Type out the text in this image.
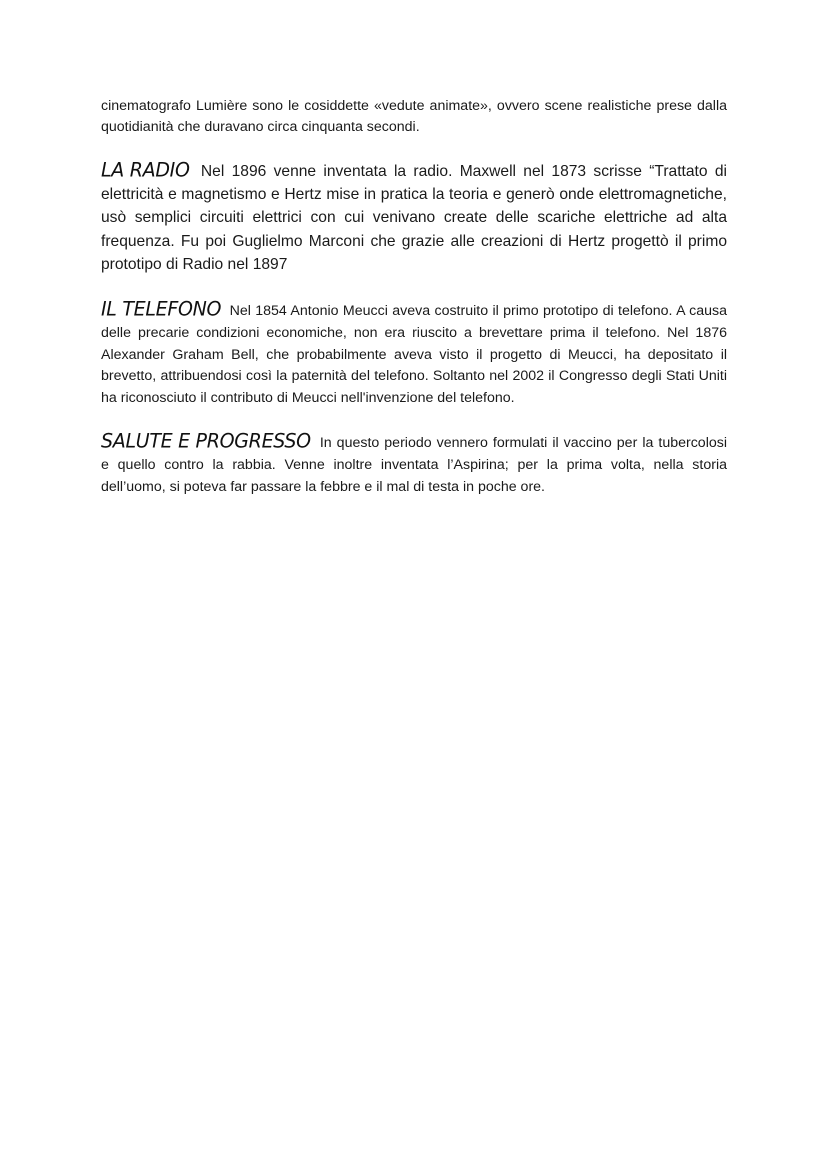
cinematografo Lumière sono le cosiddette «vedute animate», ovvero scene realistiche prese dalla quotidianità che duravano circa cinquanta secondi.

LA RADIO Nel 1896 venne inventata la radio. Maxwell nel 1873 scrisse “Trattato di elettricità e magnetismo e Hertz mise in pratica la teoria e generò onde elettromagnetiche, usò semplici circuiti elettrici con cui venivano create delle scariche elettriche ad alta frequenza. Fu poi Guglielmo Marconi che grazie alle creazioni di Hertz progettò il primo prototipo di Radio nel 1897

IL TELEFONO Nel 1854 Antonio Meucci aveva costruito il primo prototipo di telefono. A causa delle precarie condizioni economiche, non era riuscito a brevettare prima il telefono. Nel 1876 Alexander Graham Bell, che probabilmente aveva visto il progetto di Meucci, ha depositato il brevetto, attribuendosi così la paternità del telefono. Soltanto nel 2002 il Congresso degli Stati Uniti ha riconosciuto il contributo di Meucci nell'invenzione del telefono.

SALUTE E PROGRESSO In questo periodo vennero formulati il vaccino per la tubercolosi e quello contro la rabbia. Venne inoltre inventata l’Aspirina; per la prima volta, nella storia dell’uomo, si poteva far passare la febbre e il mal di testa in poche ore.
